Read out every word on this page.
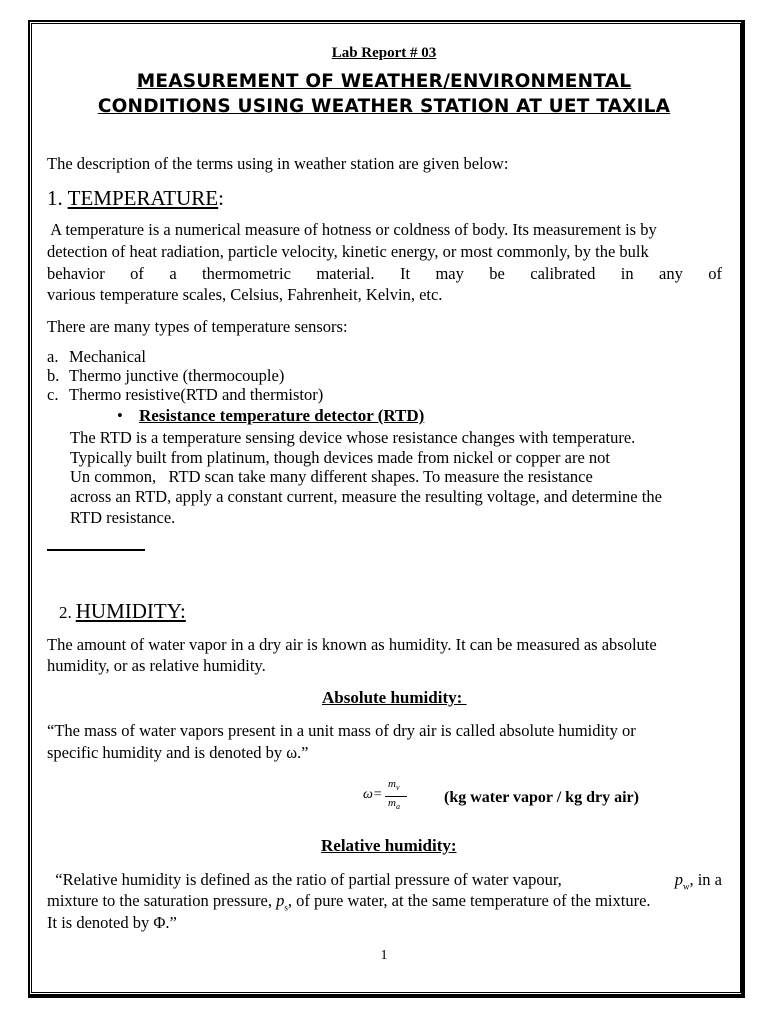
Lab Report # 03
MEASUREMENT OF WEATHER/ENVIRONMENTAL
CONDITIONS USING WEATHER STATION AT UET TAXILA
The description of the terms using in weather station are given below:
1. TEMPERATURE:
A temperature is a numerical measure of hotness or coldness of body. Its measurement is by
detection of heat radiation, particle velocity, kinetic energy, or most commonly, by the bulk
behavior of a thermometric material. It may be calibrated in any of
various temperature scales, Celsius, Fahrenheit, Kelvin, etc.
There are many types of temperature sensors:
a. Mechanical
b. Thermo junctive (thermocouple)
c. Thermo resistive(RTD and thermistor)
• Resistance temperature detector (RTD)
The RTD is a temperature sensing device whose resistance changes with temperature.
Typically built from platinum, though devices made from nickel or copper are not
Un common,   RTD scan take many different shapes. To measure the resistance
across an RTD, apply a constant current, measure the resulting voltage, and determine the
RTD resistance.
2. HUMIDITY:
The amount of water vapor in a dry air is known as humidity. It can be measured as absolute
humidity, or as relative humidity.
Absolute humidity:
“The mass of water vapors present in a unit mass of dry air is called absolute humidity or
specific humidity and is denoted by ω.”
ω=
$m_v$
$m_a$
(kg water vapor / kg dry air)
Relative humidity:
“Relative humidity is defined as the ratio of partial pressure of water vapour,	$p_w$, in a
mixture to the saturation pressure, $p_s$, of pure water, at the same temperature of the mixture.
It is denoted by Φ.”
1
